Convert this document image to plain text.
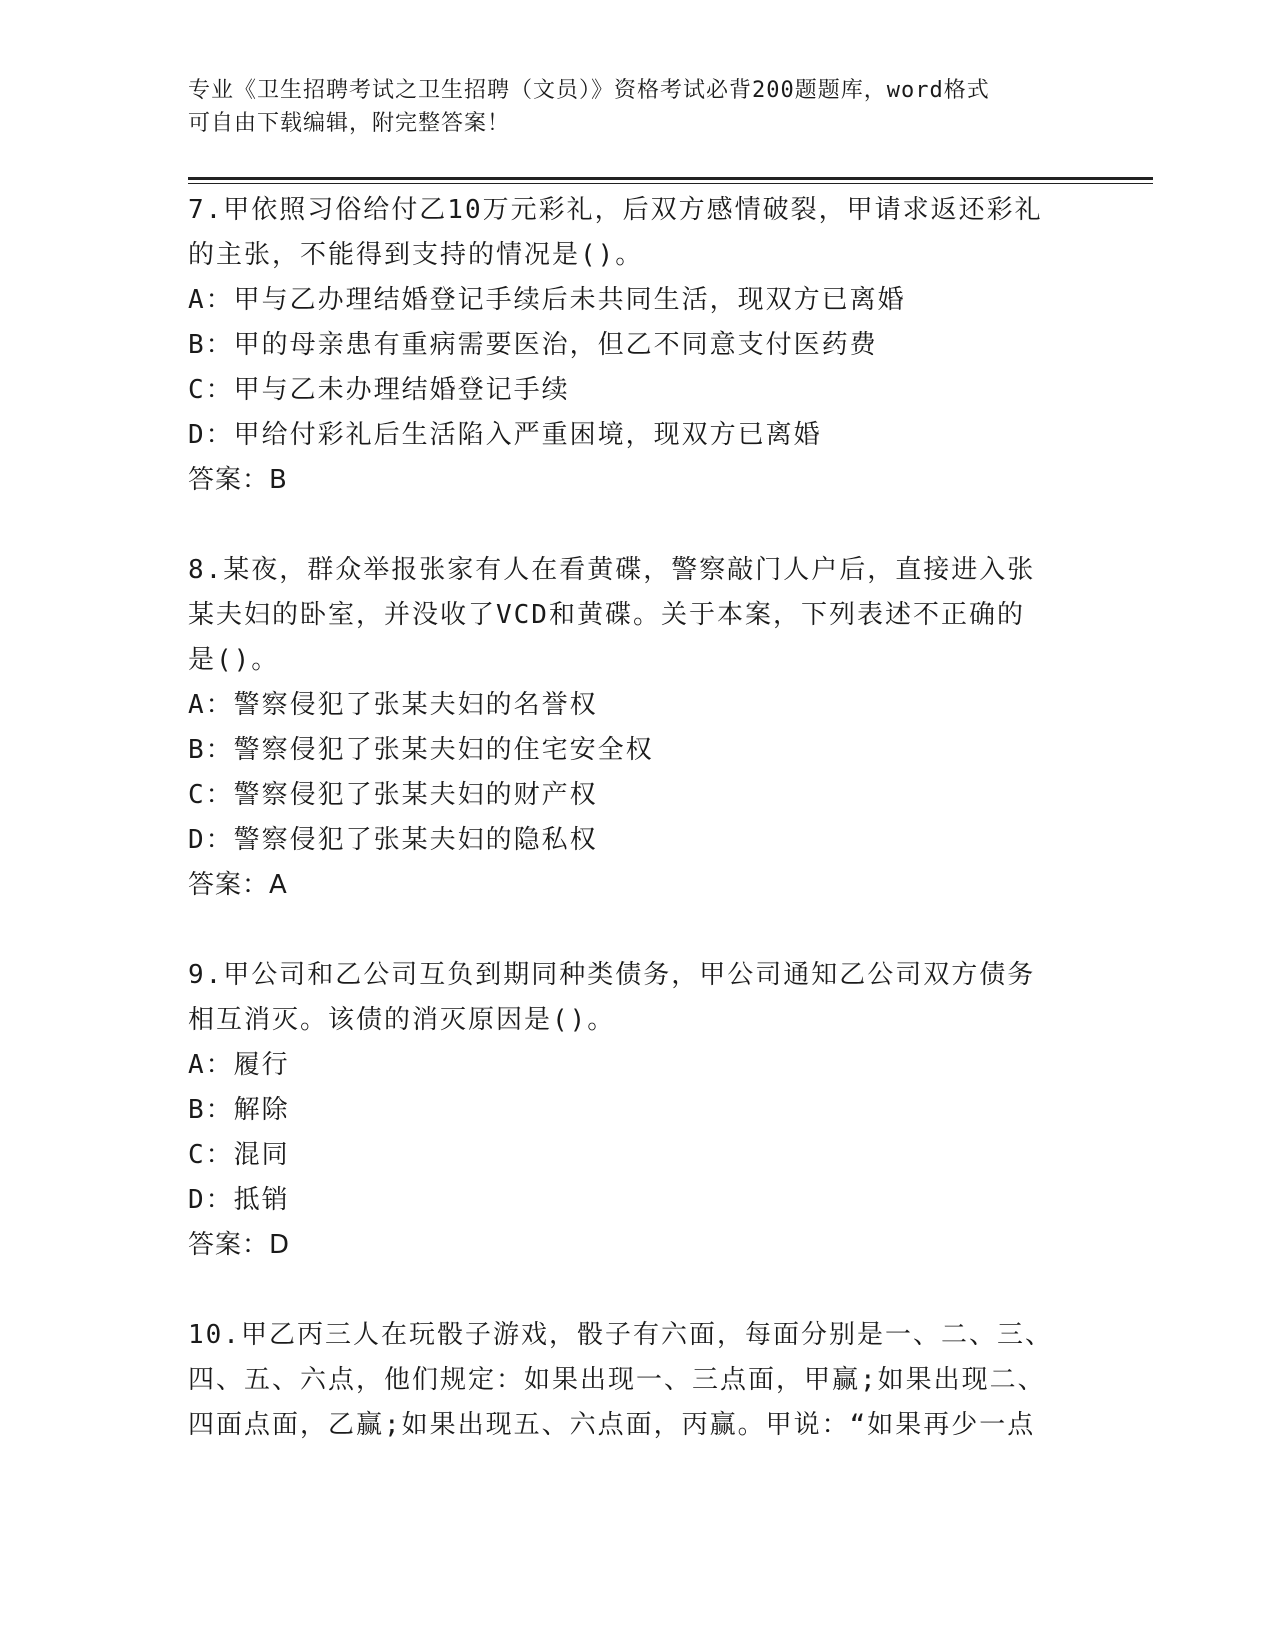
专业《卫生招聘考试之卫生招聘（文员）》资格考试必背200题题库，word格式
可自由下载编辑，附完整答案！
7.甲依照习俗给付乙10万元彩礼，后双方感情破裂，甲请求返还彩礼
的主张，不能得到支持的情况是()。
A：甲与乙办理结婚登记手续后未共同生活，现双方已离婚
B：甲的母亲患有重病需要医治，但乙不同意支付医药费
C：甲与乙未办理结婚登记手续
D：甲给付彩礼后生活陷入严重困境，现双方已离婚
答案：B
8.某夜，群众举报张家有人在看黄碟，警察敲门人户后，直接进入张
某夫妇的卧室，并没收了VCD和黄碟。关于本案，下列表述不正确的
是()。
A：警察侵犯了张某夫妇的名誉权
B：警察侵犯了张某夫妇的住宅安全权
C：警察侵犯了张某夫妇的财产权
D：警察侵犯了张某夫妇的隐私权
答案：A
9.甲公司和乙公司互负到期同种类债务，甲公司通知乙公司双方债务
相互消灭。该债的消灭原因是()。
A：履行
B：解除
C：混同
D：抵销
答案：D
10.甲乙丙三人在玩骰子游戏，骰子有六面，每面分别是一、二、三、
四、五、六点，他们规定：如果出现一、三点面，甲赢;如果出现二、
四面点面，乙赢;如果出现五、六点面，丙赢。甲说：“如果再少一点
